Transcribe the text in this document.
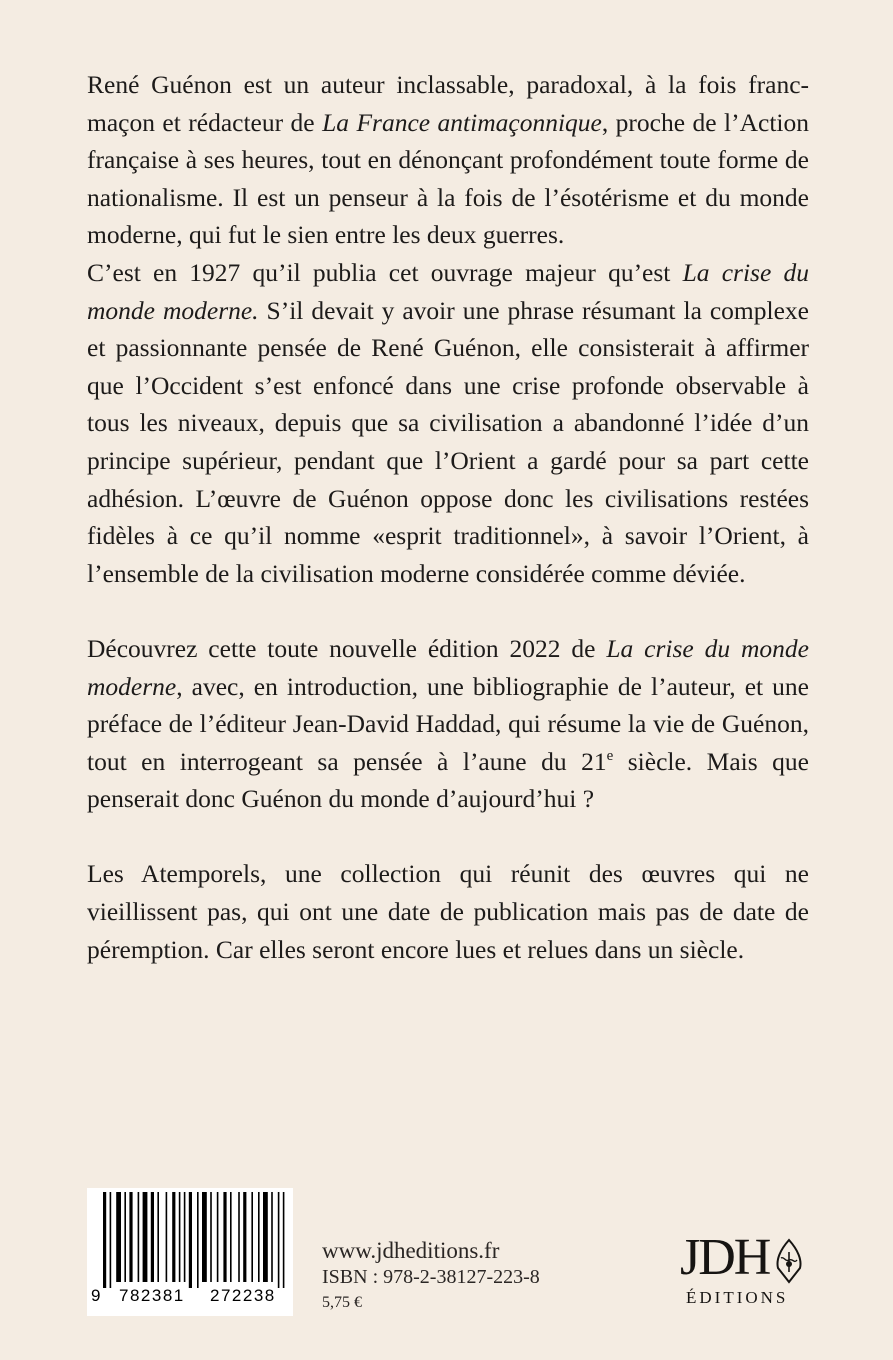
René Guénon est un auteur inclassable, paradoxal, à la fois franc-maçon et rédacteur de La France antimaçonnique, proche de l’Action française à ses heures, tout en dénonçant profondément toute forme de nationalisme. Il est un penseur à la fois de l’ésotérisme et du monde moderne, qui fut le sien entre les deux guerres.

C’est en 1927 qu’il publia cet ouvrage majeur qu’est La crise du monde moderne. S’il devait y avoir une phrase résumant la complexe et passionnante pensée de René Guénon, elle consisterait à affirmer que l’Occident s’est enfoncé dans une crise profonde observable à tous les niveaux, depuis que sa civilisation a abandonné l’idée d’un principe supérieur, pendant que l’Orient a gardé pour sa part cette adhésion. L’œuvre de Guénon oppose donc les civilisations restées fidèles à ce qu’il nomme «esprit traditionnel», à savoir l’Orient, à l’ensemble de la civilisation moderne considérée comme déviée.

Découvrez cette toute nouvelle édition 2022 de La crise du monde moderne, avec, en introduction, une bibliographie de l’auteur, et une préface de l’éditeur Jean-David Haddad, qui résume la vie de Guénon, tout en interrogeant sa pensée à l’aune du 21e siècle. Mais que penserait donc Guénon du monde d’aujourd’hui ?

Les Atemporels, une collection qui réunit des œuvres qui ne vieillissent pas, qui ont une date de publication mais pas de date de péremption. Car elles seront encore lues et relues dans un siècle.

9 782381 272238
www.jdheditions.fr
ISBN : 978-2-38127-223-8
5,75 €
JDH
ÉDITIONS
